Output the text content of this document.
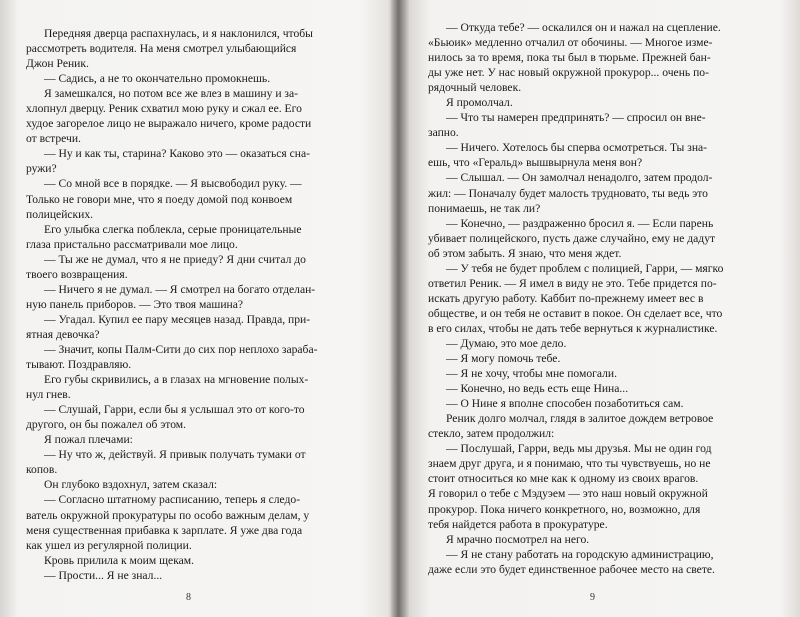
Передняя дверца распахнулась, и я наклонился, чтобы

рассмотреть водителя. На меня смотрел улыбающийся

Джон Реник.

— Садись, а не то окончательно промокнешь.

Я замешкался, но потом все же влез в машину и за-

хлопнул дверцу. Реник схватил мою руку и сжал ее. Его

худое загорелое лицо не выражало ничего, кроме радости

от встречи.

— Ну и как ты, старина? Каково это — оказаться сна-

ружи?

— Со мной все в порядке. — Я высвободил руку. —

Только не говори мне, что я поеду домой под конвоем

полицейских.

Его улыбка слегка поблекла, серые проницательные

глаза пристально рассматривали мое лицо.

— Ты же не думал, что я не приеду? Я дни считал до

твоего возвращения.

— Ничего я не думал. — Я смотрел на богато отделан-

ную панель приборов. — Это твоя машина?

— Угадал. Купил ее пару месяцев назад. Правда, при-

ятная девочка?

— Значит, копы Палм-Сити до сих пор неплохо зараба-

тывают. Поздравляю.

Его губы скривились, а в глазах на мгновение полых-

нул гнев.

— Слушай, Гарри, если бы я услышал это от кого-то

другого, он бы пожалел об этом.

Я пожал плечами:

— Ну что ж, действуй. Я привык получать тумаки от

копов.

Он глубоко вздохнул, затем сказал:

— Согласно штатному расписанию, теперь я следо-

ватель окружной прокуратуры по особо важным делам, у

меня существенная прибавка к зарплате. Я уже два года

как ушел из регулярной полиции.

Кровь прилила к моим щекам.

— Прости... Я не знал...

8

— Откуда тебе? — оскалился он и нажал на сцепление.

«Бьюик» медленно отчалил от обочины. — Многое изме-

нилось за то время, пока ты был в тюрьме. Прежней бан-

ды уже нет. У нас новый окружной прокурор... очень по-

рядочный человек.

Я промолчал.

— Что ты намерен предпринять? — спросил он вне-

запно.

— Ничего. Хотелось бы сперва осмотреться. Ты зна-

ешь, что «Геральд» вышвырнула меня вон?

— Слышал. — Он замолчал ненадолго, затем продол-

жил: — Поначалу будет малость трудновато, ты ведь это

понимаешь, не так ли?

— Конечно, — раздраженно бросил я. — Если парень

убивает полицейского, пусть даже случайно, ему не дадут

об этом забыть. Я знаю, что меня ждет.

— У тебя не будет проблем с полицией, Гарри, — мягко

ответил Реник. — Я имел в виду не это. Тебе придется по-

искать другую работу. Каббит по-прежнему имеет вес в

обществе, и он тебя не оставит в покое. Он сделает все, что

в его силах, чтобы не дать тебе вернуться к журналистике.

— Думаю, это мое дело.

— Я могу помочь тебе.

— Я не хочу, чтобы мне помогали.

— Конечно, но ведь есть еще Нина...

— О Нине я вполне способен позаботиться сам.

Реник долго молчал, глядя в залитое дождем ветровое

стекло, затем продолжил:

— Послушай, Гарри, ведь мы друзья. Мы не один год

знаем друг друга, и я понимаю, что ты чувствуешь, но не

стоит относиться ко мне как к одному из своих врагов.

Я говорил о тебе с Мэдуэем — это наш новый окружной

прокурор. Пока ничего конкретного, но, возможно, для

тебя найдется работа в прокуратуре.

Я мрачно посмотрел на него.

— Я не стану работать на городскую администрацию,

даже если это будет единственное рабочее место на свете.

9
